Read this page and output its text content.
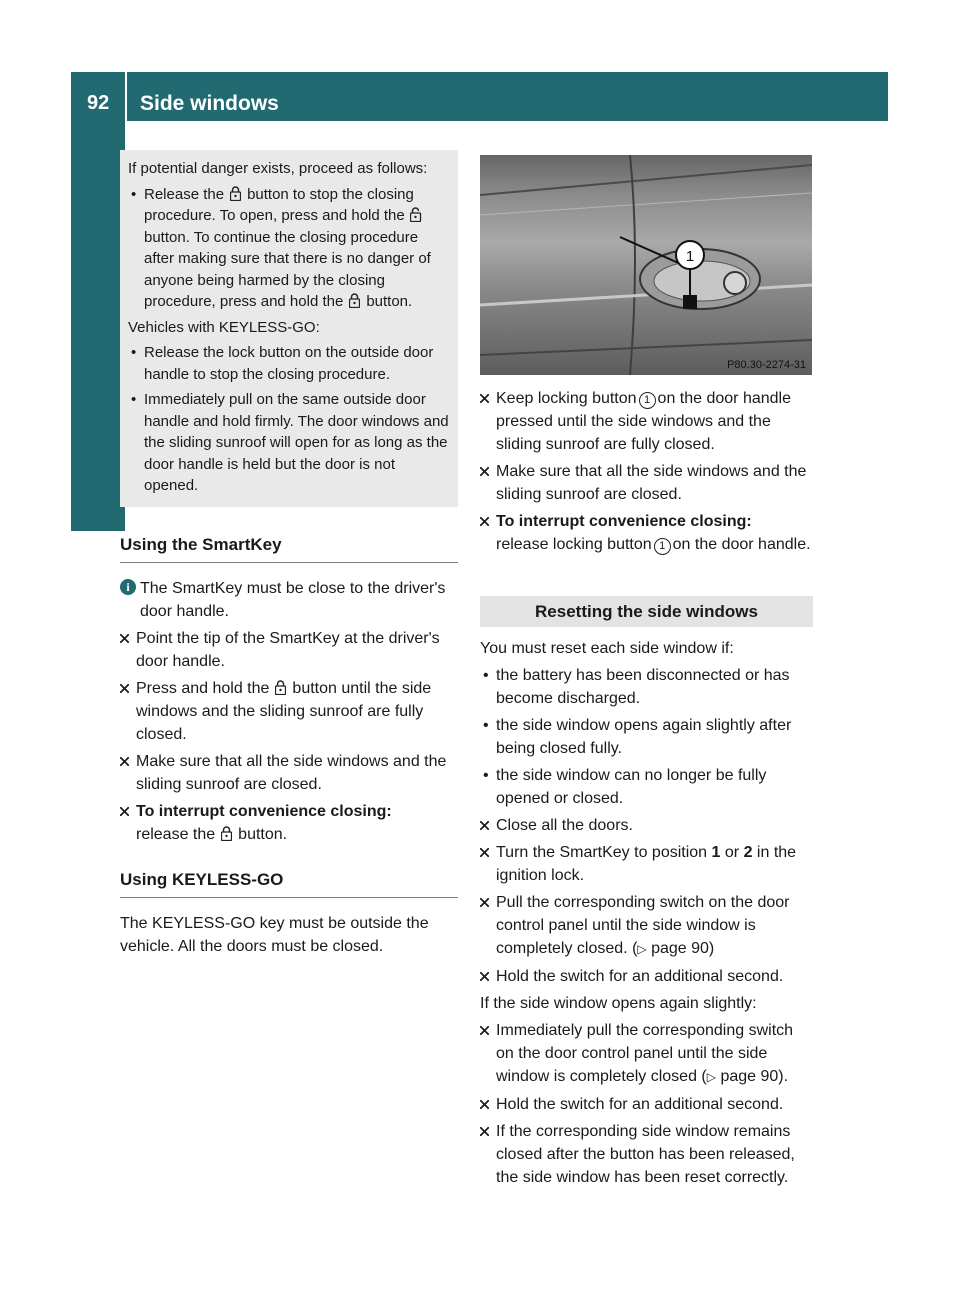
92	Side windows
Opening/closing

If potential danger exists, proceed as follows:

• Release the button to stop the closing procedure. To open, press and hold thebutton. To continue the closing procedure after making sure that there is no danger of anyone being harmed by the closing procedure, press and hold the button.

Vehicles with KEYLESS-GO:

• Release the lock button on the outside door handle to stop the closing procedure.
• Immediately pull on the same outside door handle and hold firmly. The door windows and the sliding sunroof will open for as long as the door handle is held but the door is not opened.
Using the SmartKey
i The SmartKey must be close to the driver's door handle.
Point the tip of the SmartKey at the driver's door handle.
Press and hold the button until the side windows and the sliding sunroof are fully closed.
Make sure that all the side windows and the sliding sunroof are closed.
To interrupt convenience closing:
release the button.
Using KEYLESS-GO
The KEYLESS-GO key must be outside the vehicle. All the doors must be closed.
1
P80.30-2274-31
Keep locking button 1 on the door handle pressed until the side windows and the sliding sunroof are fully closed.
Make sure that all the side windows and the sliding sunroof are closed.
To interrupt convenience closing:
release locking button 1 on the door handle.
Resetting the side windows
You must reset each side window if:
• the battery has been disconnected or has become discharged.
• the side window opens again slightly after being closed fully.
• the side window can no longer be fully opened or closed.
Close all the doors.
Turn the SmartKey to position 1 or 2 in the ignition lock.
Pull the corresponding switch on the door control panel until the side window is completely closed. (▷ page 90)
Hold the switch for an additional second.
If the side window opens again slightly:
Immediately pull the corresponding switch on the door control panel until the side window is completely closed (▷ page 90).
Hold the switch for an additional second.
If the corresponding side window remains closed after the button has been released, the side window has been reset correctly.
